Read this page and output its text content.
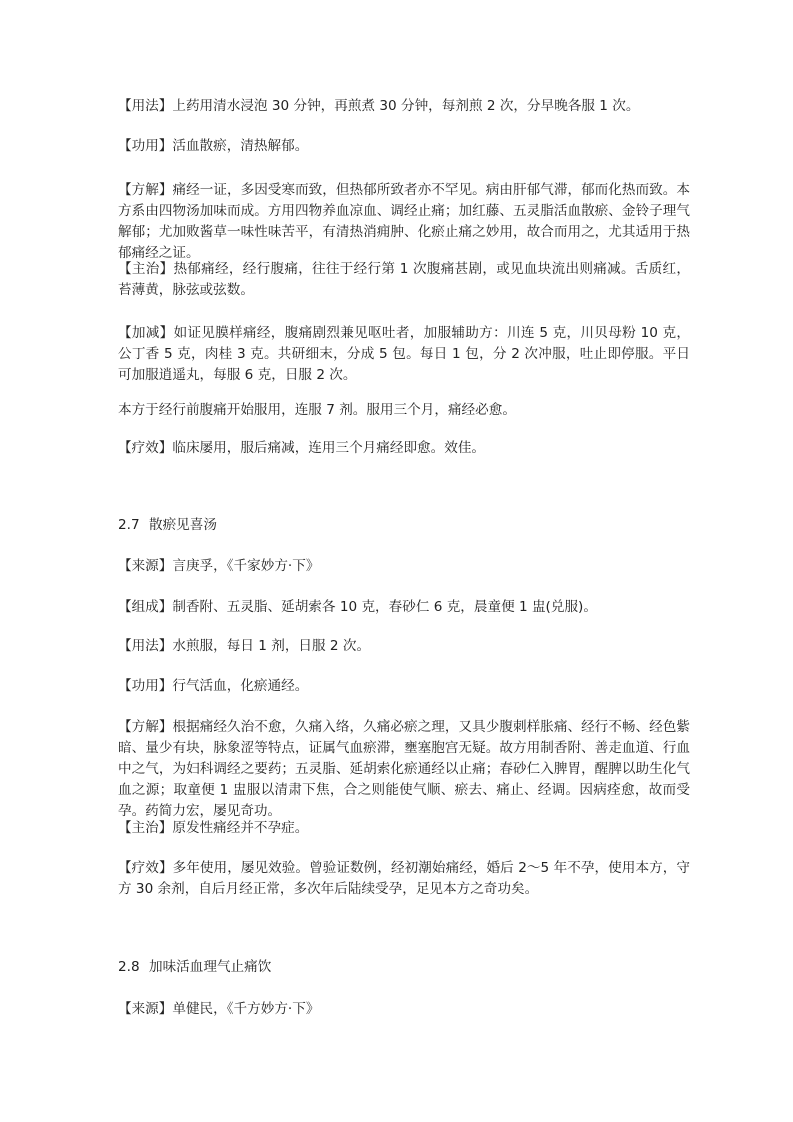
【用法】上药用清水浸泡 30 分钟，再煎煮 30 分钟，每剂煎 2 次，分早晚各服 1 次。

【功用】活血散瘀，清热解郁。

【方解】痛经一证，多因受寒而致，但热郁所致者亦不罕见。病由肝郁气滞，郁而化热而致。本方系由四物汤加味而成。方用四物养血凉血、调经止痛；加红藤、五灵脂活血散瘀、金铃子理气解郁；尤加败酱草一味性味苦平，有清热消痈肿、化瘀止痛之妙用，故合而用之，尤其适用于热郁痛经之证。

【主治】热郁痛经，经行腹痛，往往于经行第 1 次腹痛甚剧，或见血块流出则痛减。舌质红，苔薄黄，脉弦或弦数。

【加减】如证见膜样痛经，腹痛剧烈兼见呕吐者，加服辅助方：川连 5 克，川贝母粉 10 克，公丁香 5 克，肉桂 3 克。共研细末，分成 5 包。每日 1 包，分 2 次冲服，吐止即停服。平日可加服逍遥丸，每服 6 克，日服 2 次。

本方于经行前腹痛开始服用，连服 7 剂。服用三个月，痛经必愈。

【疗效】临床屡用，服后痛减，连用三个月痛经即愈。效佳。

2.7 散瘀见喜汤

【来源】言庚孚，《千家妙方·下》

【组成】制香附、五灵脂、延胡索各 10 克，春砂仁 6 克，晨童便 1 盅(兑服)。

【用法】水煎服，每日 1 剂，日服 2 次。

【功用】行气活血，化瘀通经。

【方解】根据痛经久治不愈，久痛入络，久痛必瘀之理，又具少腹刺样胀痛、经行不畅、经色紫暗、量少有块，脉象涩等特点，证属气血瘀滞，壅塞胞宫无疑。故方用制香附、善走血道、行血中之气，为妇科调经之要药；五灵脂、延胡索化瘀通经以止痛；春砂仁入脾胃，醒脾以助生化气血之源；取童便 1 盅服以清肃下焦，合之则能使气顺、瘀去、痛止、经调。因病痊愈，故而受孕。药简力宏，屡见奇功。

【主治】原发性痛经并不孕症。

【疗效】多年使用，屡见效验。曾验证数例，经初潮始痛经，婚后 2～5 年不孕，使用本方，守方 30 余剂，自后月经正常，多次年后陆续受孕，足见本方之奇功矣。

2.8 加味活血理气止痛饮

【来源】单健民，《千方妙方·下》
